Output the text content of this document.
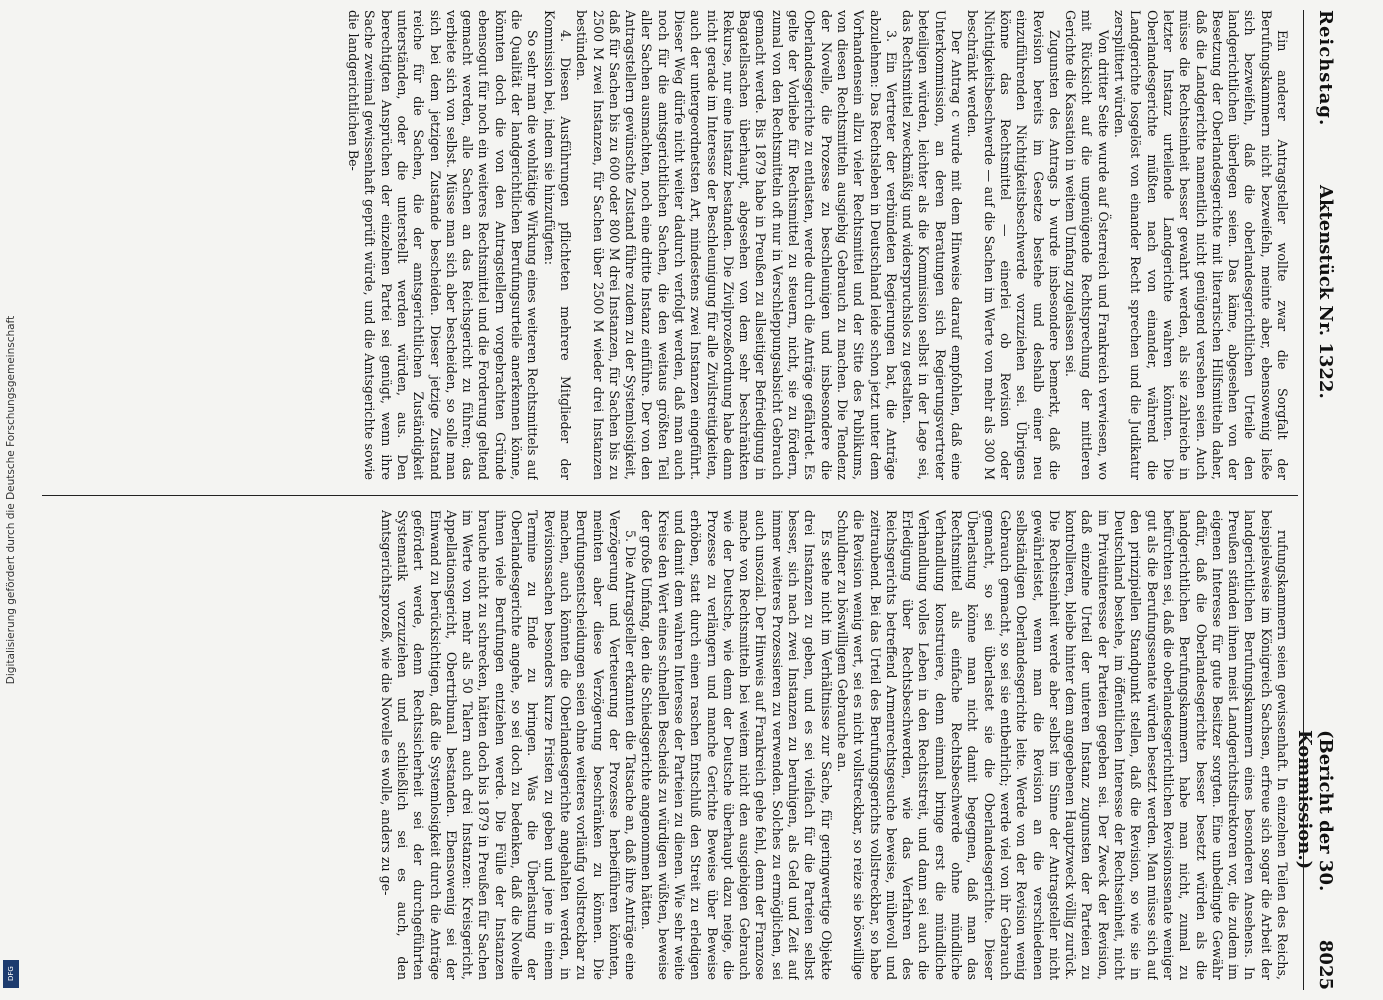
Reichstag.
Aktenstück Nr. 1322.
(Bericht der 30. Kommission.)
8025

Ein anderer Antragsteller wollte zwar die Sorgfalt der Berufungskammern nicht bezweifeln, meinte aber, ebensowenig ließe sich bezweifeln, daß die oberlandesgerichtlichen Urteile den landgerichtlichen überlegen seien. Das käme, abgesehen von der Besetzung der Oberlandesgerichte mit literarischen Hilfsmitteln daher, daß die Landgerichte namentlich nicht genügend versehen seien. Auch müsse die Rechtseinheit besser gewahrt werden, als sie zahlreiche in letzter Instanz urteilende Landgerichte wahren könnten. Die Oberlandesgerichte müßten nach von einander, während die Landgerichte losgelöst von einander Recht sprechen und die Judikatur zersplittert würden.

Von dritter Seite wurde auf Österreich und Frankreich verwiesen, wo mit Rücksicht auf die ungenügende Rechtsprechung der mittleren Gerichte die Kassation in weitem Umfang zugelassen sei.

Zugunsten des Antrags b wurde insbesondere bemerkt, daß die Revision bereits im Gesetze bestehe und deshalb einer neu einzuführenden Nichtigkeitsbeschwerde vorzuziehen sei. Übrigens könne das Rechtsmittel — einerlei ob Revision oder Nichtigkeitsbeschwerde — auf die Sachen im Werte von mehr als 300 M beschränkt werden.

Der Antrag c wurde mit dem Hinweise darauf empfohlen, daß eine Unterkommission, an deren Beratungen sich Regierungsvertreter beteiligen würden, leichter als die Kommission selbst in der Lage sei, das Rechtsmittel zweckmäßig und widerspruchslos zu gestalten.

3. Ein Vertreter der verbündeten Regierungen bat, die Anträge abzulehnen: Das Rechtsleben in Deutschland leide schon jetzt unter dem Vorhandensein allzu vieler Rechtsmittel und der Sitte des Publikums, von diesen Rechtsmitteln ausgiebig Gebrauch zu machen. Die Tendenz der Novelle, die Prozesse zu beschleunigen und insbesondere die Oberlandesgerichte zu entlasten, werde durch die Anträge gefährdet. Es gelte der Vorliebe für Rechtsmittel zu steuern, nicht, sie zu fördern, zumal von den Rechtsmitteln oft nur in Verschleppungsabsicht Gebrauch gemacht werde. Bis 1879 habe in Preußen zu allseitiger Befriedigung in Bagatellsachen überhaupt, abgesehen von dem sehr beschränkten Rekurse, nur eine Instanz bestanden. Die Zivilprozeßordnung habe dann nicht gerade im Interesse der Beschleunigung für alle Zivilstreitigkeiten, auch der untergeordnetsten Art, mindestens zwei Instanzen eingeführt. Dieser Weg dürfe nicht weiter dadurch verfolgt werden, daß man auch noch für die amtsgerichtlichen Sachen, die den weitaus größten Teil aller Sachen ausmachten, noch eine dritte Instanz einführe. Der von den Antragstellern gewünschte Zustand führe zudem zu der Systemlosigkeit, daß für Sachen bis zu 600 oder 800 M drei Instanzen, für Sachen bis zu 2500 M zwei Instanzen, für Sachen über 2500 M wieder drei Instanzen bestünden.

4. Diesen Ausführungen pflichteten mehrere Mitglieder der Kommission bei, indem sie hinzufügten:

So sehr man die wohltätige Wirkung eines weiteren Rechtsmittels auf die Qualität der landgerichtlichen Berufungsurteile anerkennen könne, könnten doch die von den Antragstellern vorgebrachten Gründe ebensogut für noch ein weiteres Rechtsmittel und die Forderung geltend gemacht werden, alle Sachen an das Reichsgericht zu führen; das verbiete sich von selbst. Müsse man sich aber bescheiden, so solle man sich bei dem jetzigen Zustande bescheiden. Dieser jetzige Zustand reiche für die Sachen, die der amtsgerichtlichen Zuständigkeit unterständen, oder die unterstellt werden würden, aus. Den berechtigten Ansprüchen der einzelnen Partei sei genügt, wenn ihre Sache zweimal gewissenhaft geprüft würde, und die Amtsgerichte sowie die landgerichtlichen Be-

rufungskammern seien gewissenhaft. In einzelnen Teilen des Reichs, beispielsweise im Königreich Sachsen, erfreue sich sogar die Arbeit der landgerichtlichen Berufungskammern eines besonderen Ansehens. In Preußen ständen ihnen meist Landgerichtsdirektoren vor, die zudem im eigenen Interesse für gute Besitzer sorgten. Eine unbedingte Gewähr dafür, daß die Oberlandesgerichte besser besetzt würden als die landgerichtlichen Berufungskammern habe man nicht, zumal zu befürchten sei, daß die oberlandesgerichtlichen Revisionssenate weniger gut als die Berufungssenate würden besetzt werden. Man müsse sich auf den prinzipiellen Standpunkt stellen, daß die Revision, so wie sie in Deutschland bestehe, im öffentlichen Interesse der Rechtseinheit, nicht im Privatinteresse der Parteien gegeben sei. Der Zweck der Revision, daß einzelne Urteil der unteren Instanz zugunsten der Parteien zu kontrollieren, bleibe hinter dem angegebenen Hauptzweck völlig zurück. Die Rechtseinheit werde aber selbst im Sinne der Antragsteller nicht gewährleistet, wenn man die Revision an die verschiedenen selbständigen Oberlandesgerichte leite. Werde von der Revision wenig Gebrauch gemacht, so sei sie entbehrlich; werde viel von ihr Gebrauch gemacht, so sei überlastet sie die Oberlandesgerichte. Dieser Überlastung könne man nicht damit begegnen, daß man das Rechtsmittel als einfache Rechtsbeschwerde ohne mündliche Verhandlung konstruiere, denn einmal bringe erst die mündliche Verhandlung volles Leben in den Rechtsstreit, und dann sei auch die Erledigung über Rechtsbeschwerden, wie das Verfahren des Reichsgerichts betreffend Armenrechtsgesuche beweise, mühevoll und zeitraubend. Bei das Urteil des Berufungsgerichts vollstreckbar, so habe die Revision wenig wert, sei es nicht vollstreckbar, so reize sie böswillige Schuldner zu böswilligem Gebrauche an.

Es stehe nicht im Verhältnisse zur Sache, für geringwertige Objekte drei Instanzen zu geben, und es sei vielfach für die Parteien selbst besser, sich nach zwei Instanzen zu beruhigen, als Geld und Zeit auf immer weiteres Prozessieren zu verwenden. Solches zu ermöglichen, sei auch unsozial. Der Hinweis auf Frankreich gehe fehl, denn der Franzose mache von Rechtsmitteln bei weitem nicht den ausgiebigen Gebrauch wie der Deutsche, wie denn der Deutsche überhaupt dazu neige, die Prozesse zu verlängern und manche Gerichte Beweise über Beweise erhöben, statt durch einen raschen Entschluß den Streit zu erledigen und damit dem wahren Interesse der Parteien zu dienen. Wie sehr weite Kreise den Wert eines schnellen Bescheids zu würdigen wüßten, beweise der große Umfang, den die Schiedsgerichte angenommen hätten.

5. Die Antragsteller erkannten die Tatsache an, daß ihre Anträge eine Verzögerung und Verteuerung der Prozesse herbeiführen könnten, meinten aber diese Verzögerung beschränken zu können. Die Berufungsentscheidungen seien ohne weiteres vorläufig vollstreckbar zu machen, auch könnten die Oberlandesgerichte angehalten werden, in Revisionssachen besonders kurze Fristen zu geben und jene in einem Termine zu Ende zu bringen. Was die Überlastung der Oberlandesgerichte angehe, so sei doch zu bedenken, daß die Novelle ihnen viele Berufungen entziehen werde. Die Fülle der Instanzen brauche nicht zu schrecken, hätten doch bis 1879 in Preußen für Sachen im Werte von mehr als 50 Talern auch drei Instanzen: Kreisgericht, Appellationsgericht, Obertribunal bestanden. Ebensowenig sei der Einwand zu berücksichtigen, daß die Systemlosigkeit durch die Anträge gefördert werde, denn Rechtssicherheit sei der durchgeführten Systematik vorzuziehen und schließlich sei es auch, den Amtsgerichtsprozeß, wie die Novelle es wolle, anders zu ge-

Digitalisierung gefördert durch die Deutsche Forschungsgemeinschaft
DFG
